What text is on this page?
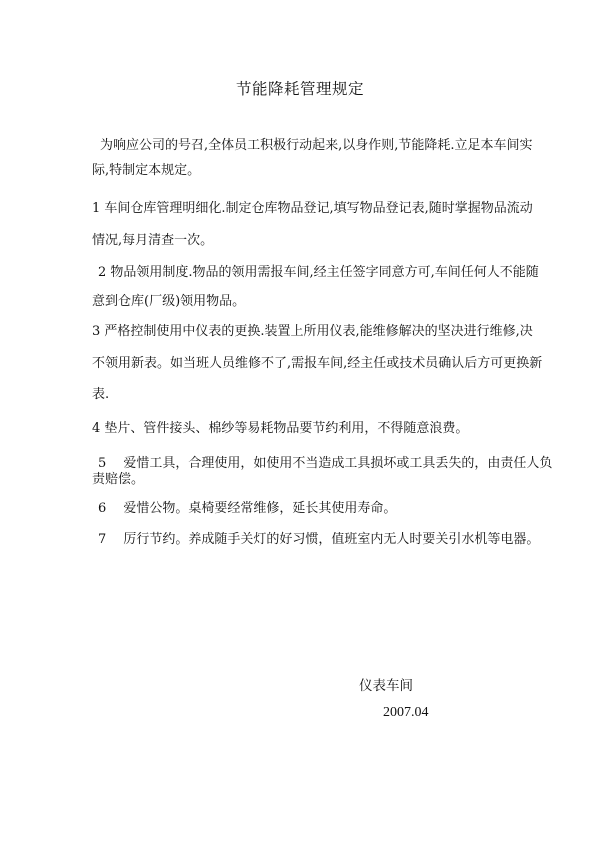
节能降耗管理规定
为响应公司的号召,全体员工积极行动起来,以身作则,节能降耗.立足本车间实
际,特制定本规定。
1 车间仓库管理明细化.制定仓库物品登记,填写物品登记表,随时掌握物品流动
情况,每月清查一次。
2 物品领用制度.物品的领用需报车间,经主任签字同意方可,车间任何人不能随
意到仓库(厂级)领用物品。
3 严格控制使用中仪表的更换.装置上所用仪表,能维修解决的坚决进行维修,决
不领用新表。如当班人员维修不了,需报车间,经主任或技术员确认后方可更换新
表.
4 垫片、管件接头、棉纱等易耗物品要节约利用，不得随意浪费。
5　 爱惜工具，合理使用，如使用不当造成工具损坏或工具丢失的，由责任人负
责赔偿。
6　 爱惜公物。桌椅要经常维修，延长其使用寿命。
7　 厉行节约。养成随手关灯的好习惯，值班室内无人时要关引水机等电器。
仪表车间
2007.04
